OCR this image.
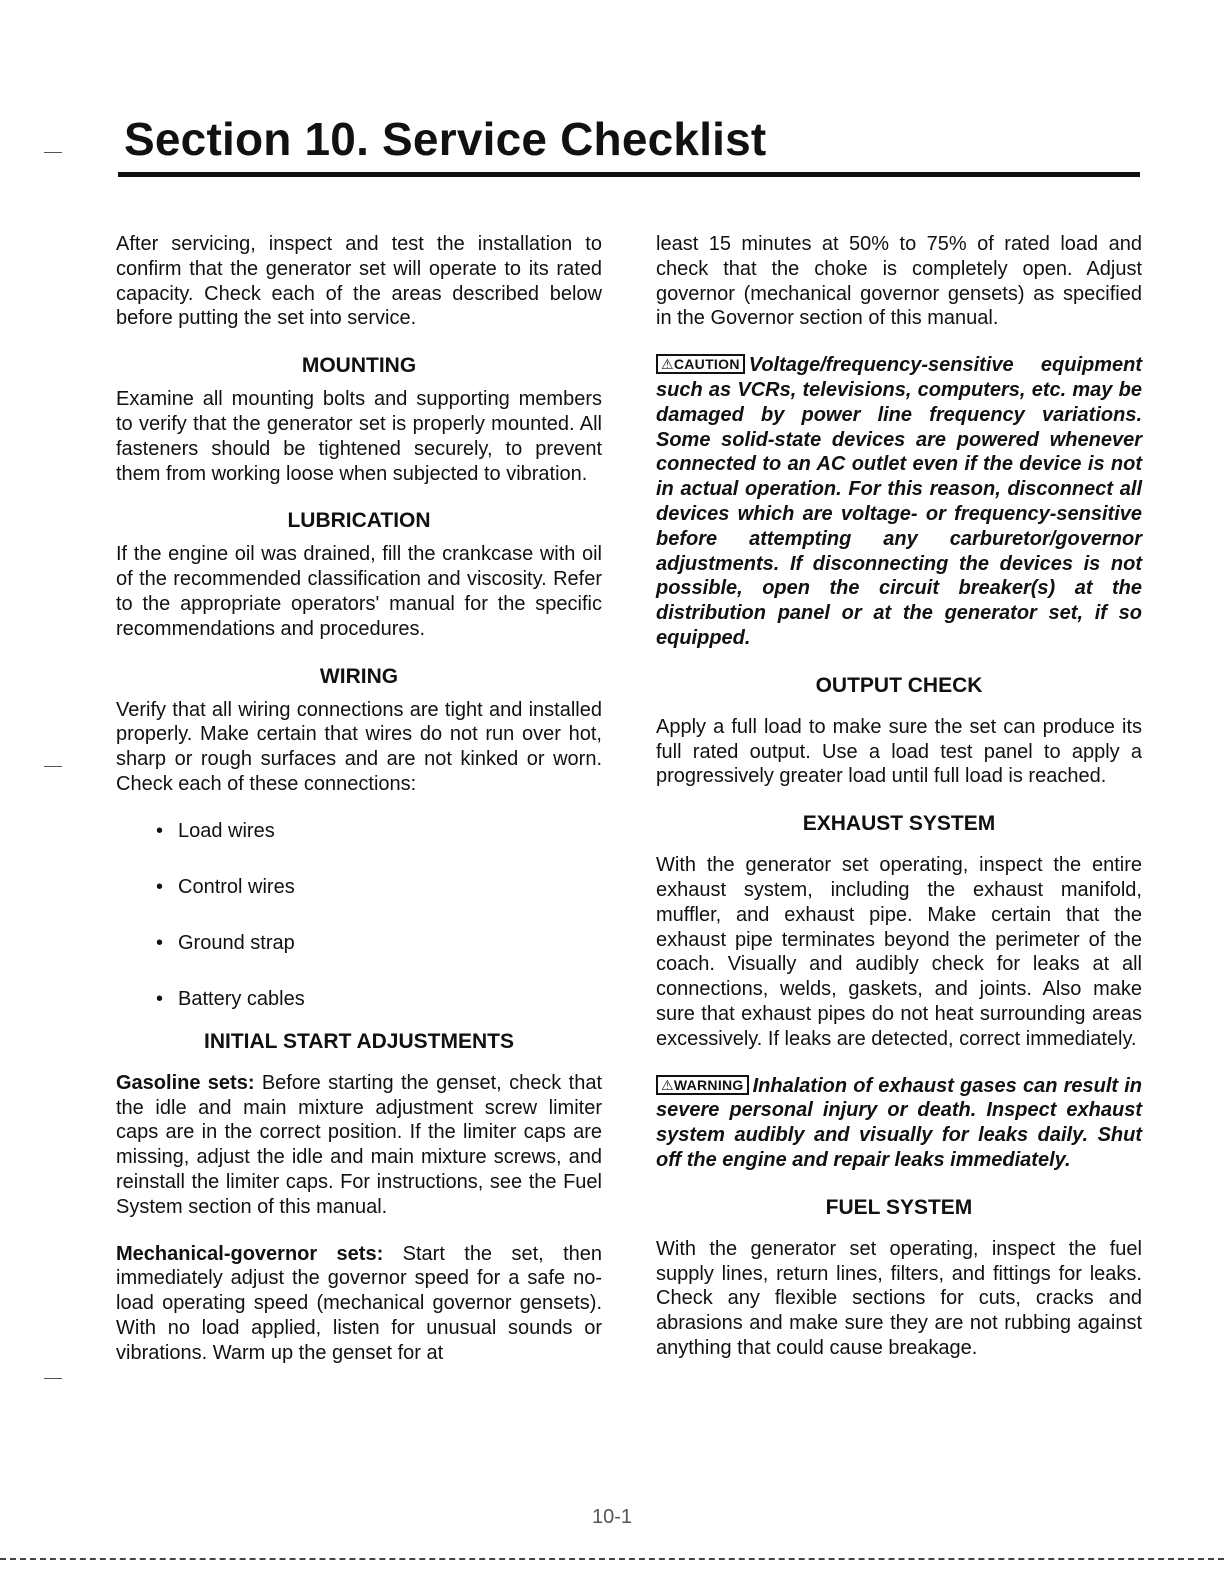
Section 10. Service Checklist

After servicing, inspect and test the installation to confirm that the generator set will operate to its rated capacity. Check each of the areas described below before putting the set into service.

MOUNTING

Examine all mounting bolts and supporting members to verify that the generator set is properly mounted. All fasteners should be tightened securely, to prevent them from working loose when subjected to vibration.

LUBRICATION

If the engine oil was drained, fill the crankcase with oil of the recommended classification and viscosity. Refer to the appropriate operators' manual for the specific recommendations and procedures.

WIRING

Verify that all wiring connections are tight and installed properly. Make certain that wires do not run over hot, sharp or rough surfaces and are not kinked or worn. Check each of these connections:

• Load wires
• Control wires
• Ground strap
• Battery cables
INITIAL START ADJUSTMENTS

Gasoline sets: Before starting the genset, check that the idle and main mixture adjustment screw limiter caps are in the correct position. If the limiter caps are missing, adjust the idle and main mixture screws, and reinstall the limiter caps. For instructions, see the Fuel System section of this manual.

Mechanical-governor sets: Start the set, then immediately adjust the governor speed for a safe no-load operating speed (mechanical governor gensets). With no load applied, listen for unusual sounds or vibrations. Warm up the genset for at

least 15 minutes at 50% to 75% of rated load and check that the choke is completely open. Adjust governor (mechanical governor gensets) as specified in the Governor section of this manual.

⚠CAUTION Voltage/frequency-sensitive equipment such as VCRs, televisions, computers, etc. may be damaged by power line frequency variations. Some solid-state devices are powered whenever connected to an AC outlet even if the device is not in actual operation. For this reason, disconnect all devices which are voltage- or frequency-sensitive before attempting any carburetor/governor adjustments. If disconnecting the devices is not possible, open the circuit breaker(s) at the distribution panel or at the generator set, if so equipped.

OUTPUT CHECK

Apply a full load to make sure the set can produce its full rated output. Use a load test panel to apply a progressively greater load until full load is reached.

EXHAUST SYSTEM

With the generator set operating, inspect the entire exhaust system, including the exhaust manifold, muffler, and exhaust pipe. Make certain that the exhaust pipe terminates beyond the perimeter of the coach. Visually and audibly check for leaks at all connections, welds, gaskets, and joints. Also make sure that exhaust pipes do not heat surrounding areas excessively. If leaks are detected, correct immediately.

⚠WARNING Inhalation of exhaust gases can result in severe personal injury or death. Inspect exhaust system audibly and visually for leaks daily. Shut off the engine and repair leaks immediately.

FUEL SYSTEM

With the generator set operating, inspect the fuel supply lines, return lines, filters, and fittings for leaks. Check any flexible sections for cuts, cracks and abrasions and make sure they are not rubbing against anything that could cause breakage.

10-1
